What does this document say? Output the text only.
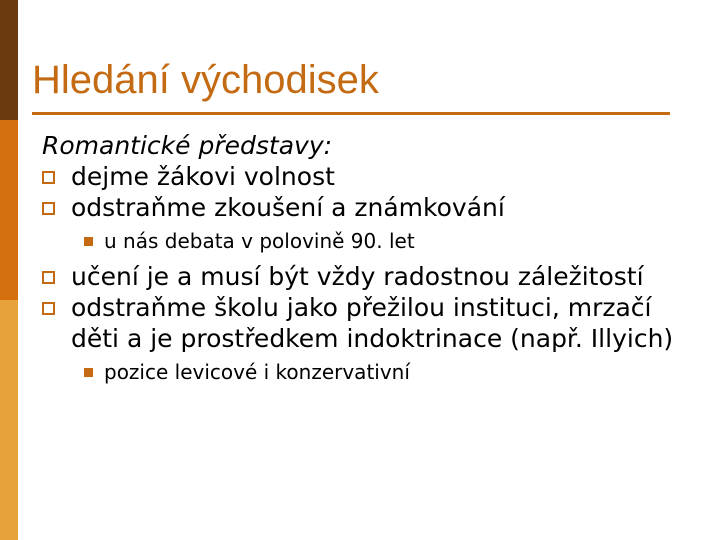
Hledání východisek
Romantické představy:
dejme žákovi volnost
odstraňme zkoušení a známkování
u nás debata v polovině 90. let
učení je a musí být vždy radostnou záležitostí
odstraňme školu jako přežilou instituci, mrzačí děti a je prostředkem indoktrinace (např. Illyich)
pozice levicové i konzervativní
